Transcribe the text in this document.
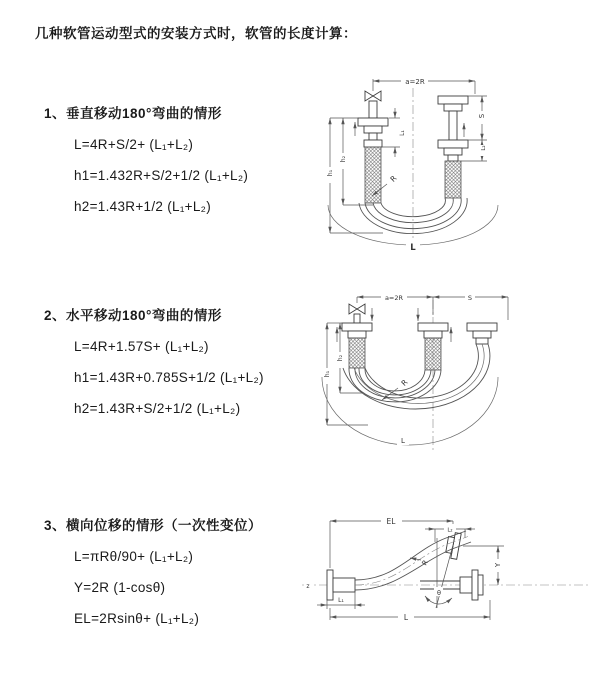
几种软管运动型式的安装方式时，软管的长度计算：
1、垂直移动180°弯曲的情形

L=4R+S/2+ (L₁+L₂)

h1=1.432R+S/2+1/2 (L₁+L₂)

h2=1.43R+1/2 (L₁+L₂)

a=2R
L₁
S
L₂
h₁
h₂
R
L
2、水平移动180°弯曲的情形

L=4R+1.57S+ (L₁+L₂)

h1=1.43R+0.785S+1/2 (L₁+L₂)

h2=1.43R+S/2+1/2 (L₁+L₂)

a=2R	S
h₁
h₂
R
L
3、横向位移的情形（一次性变位）

L=πRθ/90+ (L₁+L₂)

Y=2R (1-cosθ)

EL=2Rsinθ+ (L₁+L₂)

z
EL
L₂
Y
θ
R
L₁
L
